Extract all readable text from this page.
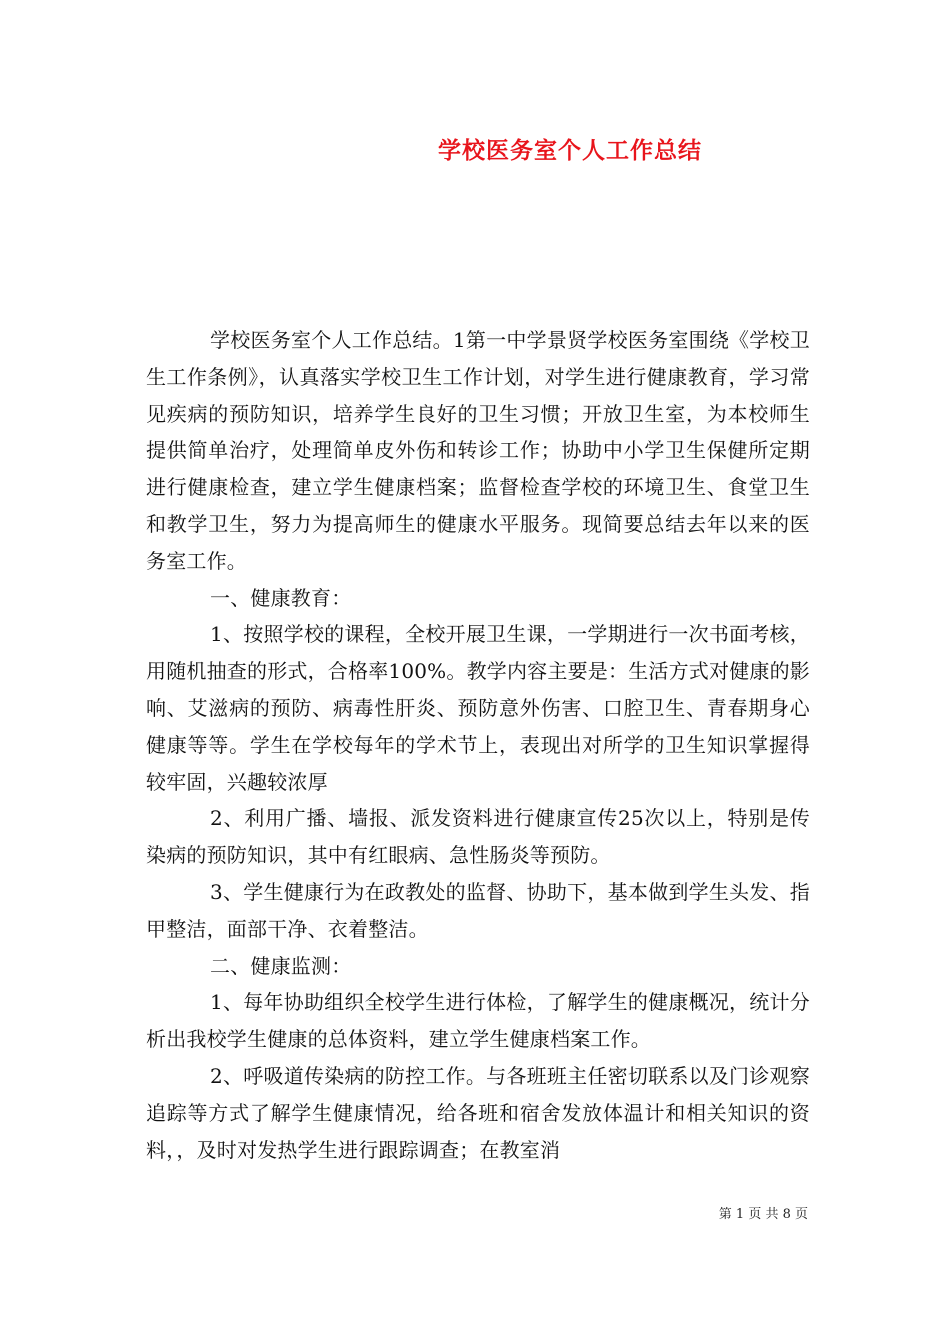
学校医务室个人工作总结

学校医务室个人工作总结。1第一中学景贤学校医务室围绕《学校卫生工作条例》，认真落实学校卫生工作计划，对学生进行健康教育，学习常见疾病的预防知识，培养学生良好的卫生习惯；开放卫生室，为本校师生提供简单治疗，处理简单皮外伤和转诊工作；协助中小学卫生保健所定期进行健康检查，建立学生健康档案；监督检查学校的环境卫生、食堂卫生和教学卫生，努力为提高师生的健康水平服务。现简要总结去年以来的医务室工作。

一、健康教育：

1、按照学校的课程，全校开展卫生课，一学期进行一次书面考核，用随机抽查的形式，合格率100%。教学内容主要是：生活方式对健康的影响、艾滋病的预防、病毒性肝炎、预防意外伤害、口腔卫生、青春期身心健康等等。学生在学校每年的学术节上，表现出对所学的卫生知识掌握得较牢固，兴趣较浓厚

2、利用广播、墙报、派发资料进行健康宣传25次以上，特别是传染病的预防知识，其中有红眼病、急性肠炎等预防。

3、学生健康行为在政教处的监督、协助下，基本做到学生头发、指甲整洁，面部干净、衣着整洁。

二、健康监测：

1、每年协助组织全校学生进行体检，了解学生的健康概况，统计分析出我校学生健康的总体资料，建立学生健康档案工作。

2、呼吸道传染病的防控工作。与各班班主任密切联系以及门诊观察追踪等方式了解学生健康情况，给各班和宿舍发放体温计和相关知识的资料，，及时对发热学生进行跟踪调查；在教室消

第 1 页 共 8 页
